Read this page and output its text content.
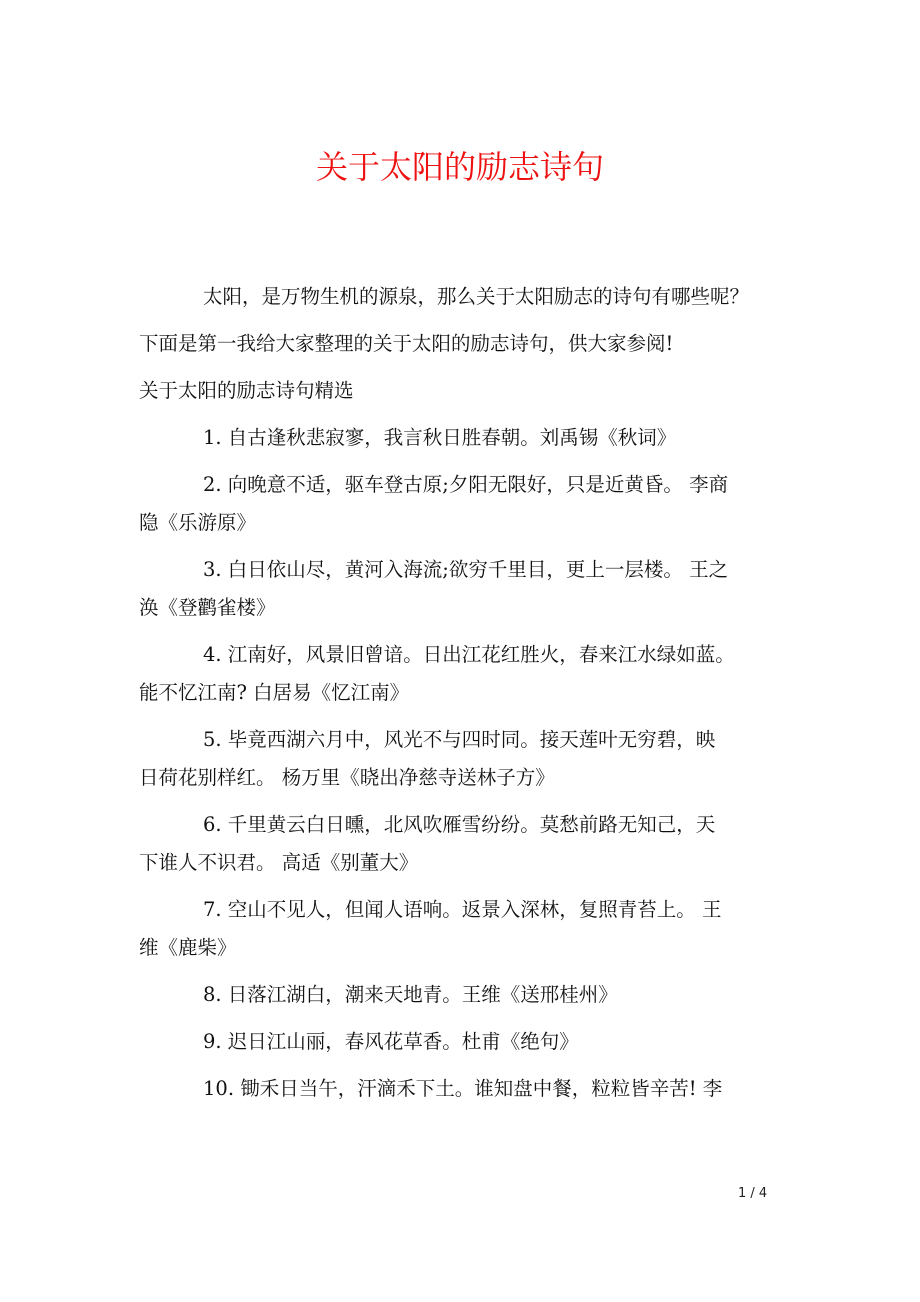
关于太阳的励志诗句
太阳，是万物生机的源泉，那么关于太阳励志的诗句有哪些呢？
下面是第一我给大家整理的关于太阳的励志诗句，供大家参阅!
关于太阳的励志诗句精选
1. 自古逢秋悲寂寥，我言秋日胜春朝。刘禹锡《秋词》
2. 向晚意不适，驱车登古原;夕阳无限好，只是近黄昏。 李商
隐《乐游原》
3. 白日依山尽，黄河入海流;欲穷千里目，更上一层楼。 王之
涣《登鹳雀楼》
4. 江南好，风景旧曾谙。日出江花红胜火，春来江水绿如蓝。
能不忆江南? 白居易《忆江南》
5. 毕竟西湖六月中，风光不与四时同。接天莲叶无穷碧，映
日荷花别样红。 杨万里《晓出净慈寺送林子方》
6. 千里黄云白日曛，北风吹雁雪纷纷。莫愁前路无知己，天
下谁人不识君。 高适《别董大》
7. 空山不见人，但闻人语响。返景入深林，复照青苔上。 王
维《鹿柴》
8. 日落江湖白，潮来天地青。王维《送邢桂州》
9. 迟日江山丽，春风花草香。杜甫《绝句》
10. 锄禾日当午，汗滴禾下土。谁知盘中餐，粒粒皆辛苦! 李
1 / 4
